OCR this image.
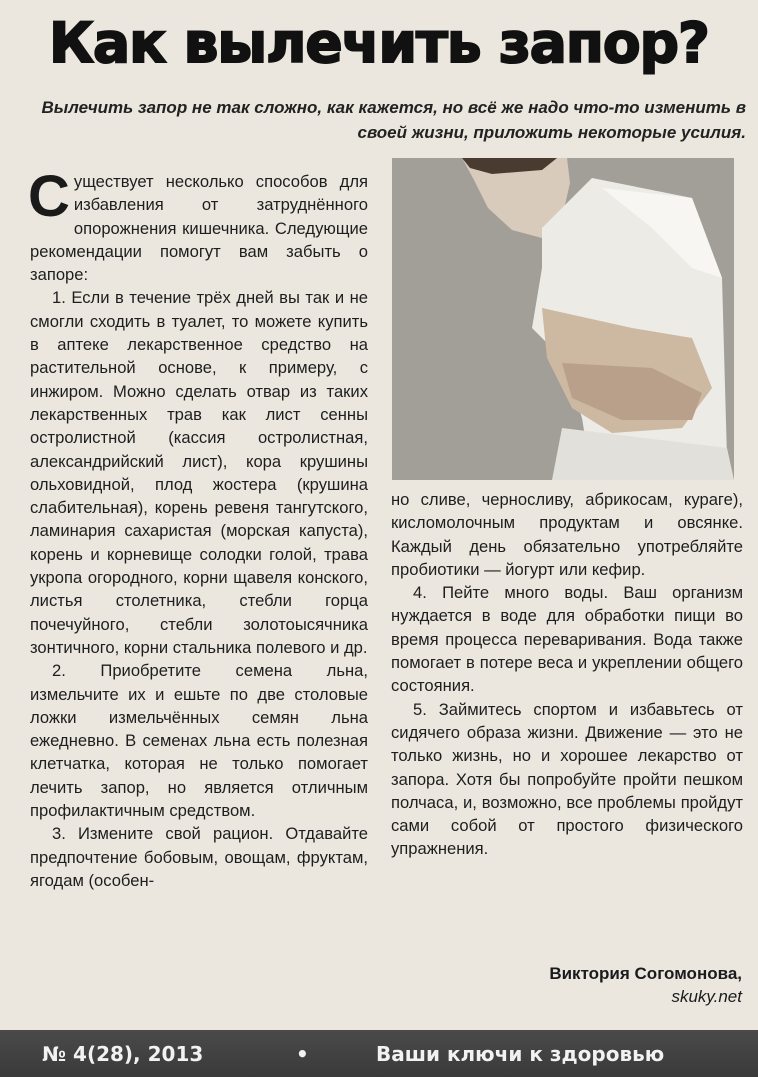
Как вылечить запор?

Вылечить запор не так сложно, как кажется, но всё же надо что-то изменить в своей жизни, приложить некоторые усилия.

Существует несколько способов для избавления от затруднённого опорожнения кишечника. Следующие рекомендации помогут вам забыть о запоре:

1. Если в течение трёх дней вы так и не смогли сходить в туалет, то можете купить в аптеке лекарственное средство на растительной основе, к примеру, с инжиром. Можно сделать отвар из таких лекарственных трав как лист сенны остролистной (кассия остролистная, александрийский лист), кора крушины ольховидной, плод жостера (крушина слабительная), корень ревеня тангутского, ламинария сахаристая (морская капуста), корень и корневище солодки голой, трава укропа огородного, корни щавеля конского, листья столетника, стебли горца почечуйного, стебли золотоысячника зонтичного, корни стальника полевого и др.

2. Приобретите семена льна, измельчите их и ешьте по две столовые ложки измельчённых семян льна ежедневно. В семенах льна есть полезная клетчатка, которая не только помогает лечить запор, но является отличным профилактичным средством.

3. Измените свой рацион. Отдавайте предпочтение бобовым, овощам, фруктам, ягодам (особен-

но сливе, черносливу, абрикосам, кураге), кисломолочным продуктам и овсянке. Каждый день обязательно употребляйте пробиотики — йогурт или кефир.

4. Пейте много воды. Ваш организм нуждается в воде для обработки пищи во время процесса переваривания. Вода также помогает в потере веса и укреплении общего состояния.

5. Займитесь спортом и избавьтесь от сидячего образа жизни. Движение — это не только жизнь, но и хорошее лекарство от запора. Хотя бы попробуйте пройти пешком полчаса, и, возможно, все проблемы пройдут сами собой от простого физического упражнения.

Виктория Согомонова,
skuky.net
№ 4(28), 2013	•	Ваши ключи к здоровью
